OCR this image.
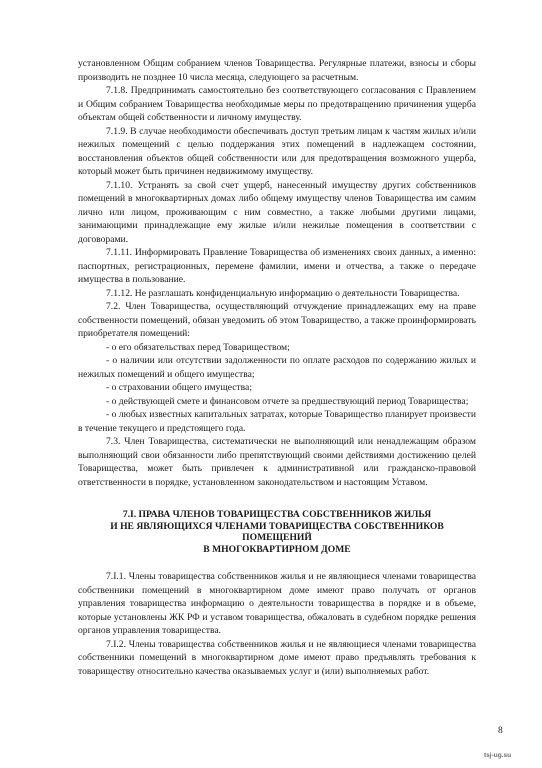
установленном Общим собранием членов Товарищества. Регулярные платежи, взносы и сборы производить не позднее 10 числа месяца, следующего за расчетным.

7.1.8. Предпринимать самостоятельно без соответствующего согласования с Правлением и Общим собранием Товарищества необходимые меры по предотвращению причинения ущерба объектам общей собственности и личному имуществу.

7.1.9. В случае необходимости обеспечивать доступ третьим лицам к частям жилых и/или нежилых помещений с целью поддержания этих помещений в надлежащем состоянии, восстановления объектов общей собственности или для предотвращения возможного ущерба, который может быть причинен недвижимому имуществу.

7.1.10. Устранять за свой счет ущерб, нанесенный имуществу других собственников помещений в многоквартирных домах либо общему имуществу членов Товарищества им самим лично или лицом, проживающим с ним совместно, а также любыми другими лицами, занимающими принадлежащие ему жилые и/или нежилые помещения в соответствии с договорами.

7.1.11. Информировать Правление Товарищества об изменениях своих данных, а именно: паспортных, регистрационных, перемене фамилии, имени и отчества, а также о передаче имущества в пользование.

7.1.12. Не разглашать конфиденциальную информацию о деятельности Товарищества.

7.2. Член Товарищества, осуществляющий отчуждение принадлежащих ему на праве собственности помещений, обязан уведомить об этом Товарищество, а также проинформировать приобретателя помещений:

- о его обязательствах перед Товариществом;

- о наличии или отсутствии задолженности по оплате расходов по содержанию жилых и нежилых помещений и общего имущества;

- о страховании общего имущества;

- о действующей смете и финансовом отчете за предшествующий период Товарищества;

- о любых известных капитальных затратах, которые Товарищество планирует произвести в течение текущего и предстоящего года.

7.3. Член Товарищества, систематически не выполняющий или ненадлежащим образом выполняющий свои обязанности либо препятствующий своими действиями достижению целей Товарищества, может быть привлечен к административной или гражданско-правовой ответственности в порядке, установленном законодательством и настоящим Уставом.

7.I. ПРАВА ЧЛЕНОВ ТОВАРИЩЕСТВА СОБСТВЕННИКОВ ЖИЛЬЯ
И НЕ ЯВЛЯЮЩИХСЯ ЧЛЕНАМИ ТОВАРИЩЕСТВА СОБСТВЕННИКОВ
ПОМЕЩЕНИЙ
В МНОГОКВАРТИРНОМ ДОМЕ

7.I.1. Члены товарищества собственников жилья и не являющиеся членами товарищества собственники помещений в многоквартирном доме имеют право получать от органов управления товарищества информацию о деятельности товарищества в порядке и в объеме, которые установлены ЖК РФ и уставом товарищества, обжаловать в судебном порядке решения органов управления товарищества.

7.I.2. Члены товарищества собственников жилья и не являющиеся членами товарищества собственники помещений в многоквартирном доме имеют право предъявлять требования к товариществу относительно качества оказываемых услуг и (или) выполняемых работ.

8
tsj-ug.su
